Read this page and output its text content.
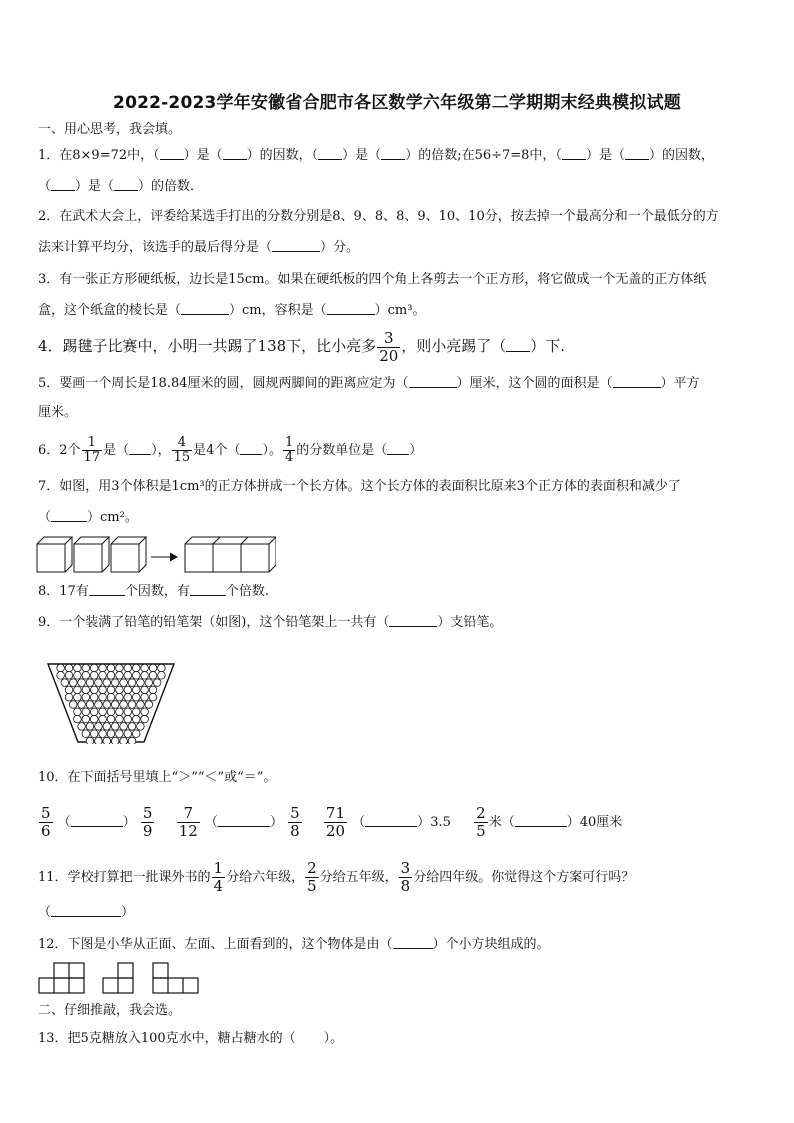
2022-2023学年安徽省合肥市各区数学六年级第二学期期末经典模拟试题
一、用心思考，我会填。
1．在8×9=72中，（ ）是（ ）的因数，（ ）是（ ）的倍数;在56÷7=8中，（ ）是（ ）的因数，
（ ）是（ ）的倍数．
2．在武术大会上，评委给某选手打出的分数分别是8、9、8、8、9、10、10分，按去掉一个最高分和一个最低分的方
法来计算平均分，该选手的最后得分是（	）分。
3．有一张正方形硬纸板，边长是15cm。如果在硬纸板的四个角上各剪去一个正方形，将它做成一个无盖的正方体纸
盒，这个纸盒的棱长是（	）cm，容积是（	）cm³。
4．踢毽子比赛中，小明一共踢了138下，比小亮多 $\frac{3}{20}$ ，则小亮踢了（ ）下.
5．要画一个周长是18.84厘米的圆，圆规两脚间的距离应定为（	）厘米，这个圆的面积是（	）平方
厘米。
6．2个 $\frac{1}{17}$ 是（ ）， $\frac{4}{15}$ 是4个（ ）。 $\frac{1}{4}$ 的分数单位是（ ）
7．如图，用3个体积是1cm³的正方体拼成一个长方体。这个长方体的表面积比原来3个正方体的表面积和减少了
（	）cm²。
8．17有	个因数，有	个倍数.
9．一个装满了铅笔的铅笔架（如图)，这个铅笔架上一共有（	）支铅笔。
10．在下面括号里填上“＞”“＜”或“＝”。
$\frac{5}{6}$ （	） $\frac{5}{9}$
$\frac{7}{12}$ （	） $\frac{5}{8}$
$\frac{71}{20}$ （	）$3.5 \frac{2}{5}$ 米（	）40厘米
11．学校打算把一批课外书的 $\frac{1}{4}$ 分给六年级， $\frac{2}{5}$ 分给五年级， $\frac{3}{8}$ 分给四年级。你觉得这个方案可行吗？
（	）
12．下图是小华从正面、左面、上面看到的，这个物体是由（	）个小方块组成的。
二、仔细推敲，我会选。
13．把5克糖放入100克水中，糖占糖水的（ ）。
